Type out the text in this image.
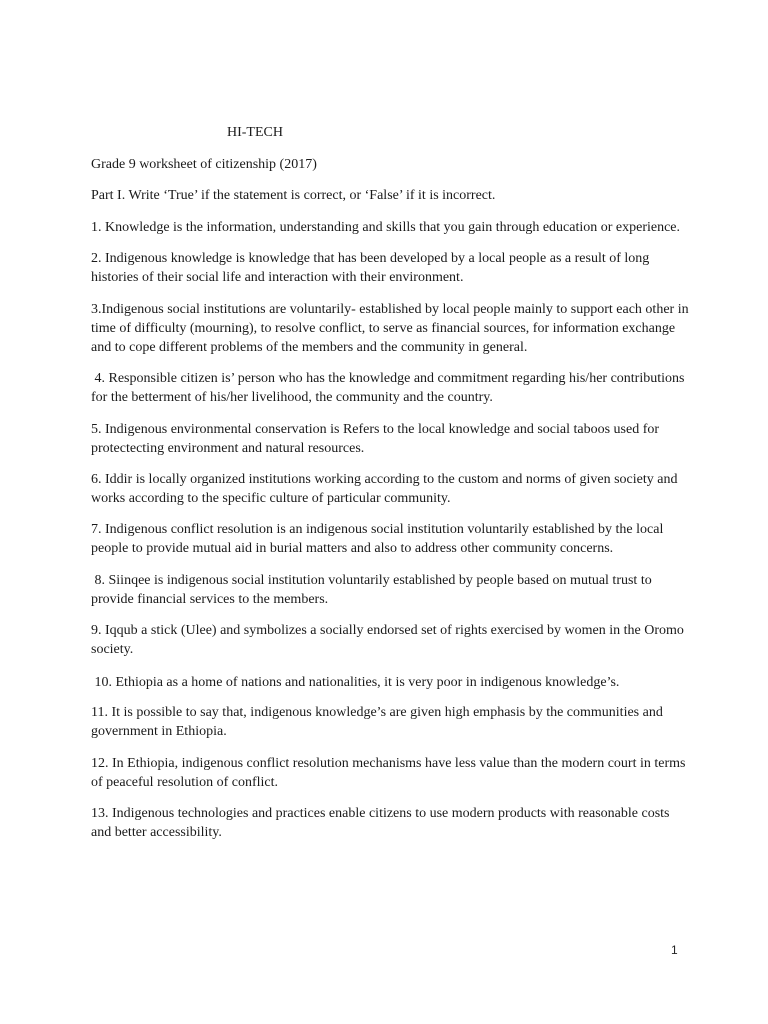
HI-TECH
Grade 9 worksheet of citizenship (2017)
Part I. Write ‘True’ if the statement is correct, or ‘False’ if it is incorrect.

1. Knowledge is the information, understanding and skills that you gain through education or experience.

2. Indigenous knowledge is knowledge that has been developed by a local people as a result of long histories of their social life and interaction with their environment.

3.Indigenous social institutions are voluntarily- established by local people mainly to support each other in time of difficulty (mourning), to resolve conflict, to serve as financial sources, for information exchange and to cope different problems of the members and the community in general.

4. Responsible citizen is’ person who has the knowledge and commitment regarding his/her contributions for the betterment of his/her livelihood, the community and the country.

5. Indigenous environmental conservation is Refers to the local knowledge and social taboos used for protectecting environment and natural resources.

6. Iddir is locally organized institutions working according to the custom and norms of given society and works according to the specific culture of particular community.

7. Indigenous conflict resolution is an indigenous social institution voluntarily established by the local people to provide mutual aid in burial matters and also to address other community concerns.

8. Siinqee is indigenous social institution voluntarily established by people based on mutual trust to provide financial services to the members.

9. Iqqub a stick (Ulee) and symbolizes a socially endorsed set of rights exercised by women in the Oromo society.

10. Ethiopia as a home of nations and nationalities, it is very poor in indigenous knowledge’s.

11. It is possible to say that, indigenous knowledge’s are given high emphasis by the communities and government in Ethiopia.

12. In Ethiopia, indigenous conflict resolution mechanisms have less value than the modern court in terms of peaceful resolution of conflict.

13. Indigenous technologies and practices enable citizens to use modern products with reasonable costs and better accessibility.

1
